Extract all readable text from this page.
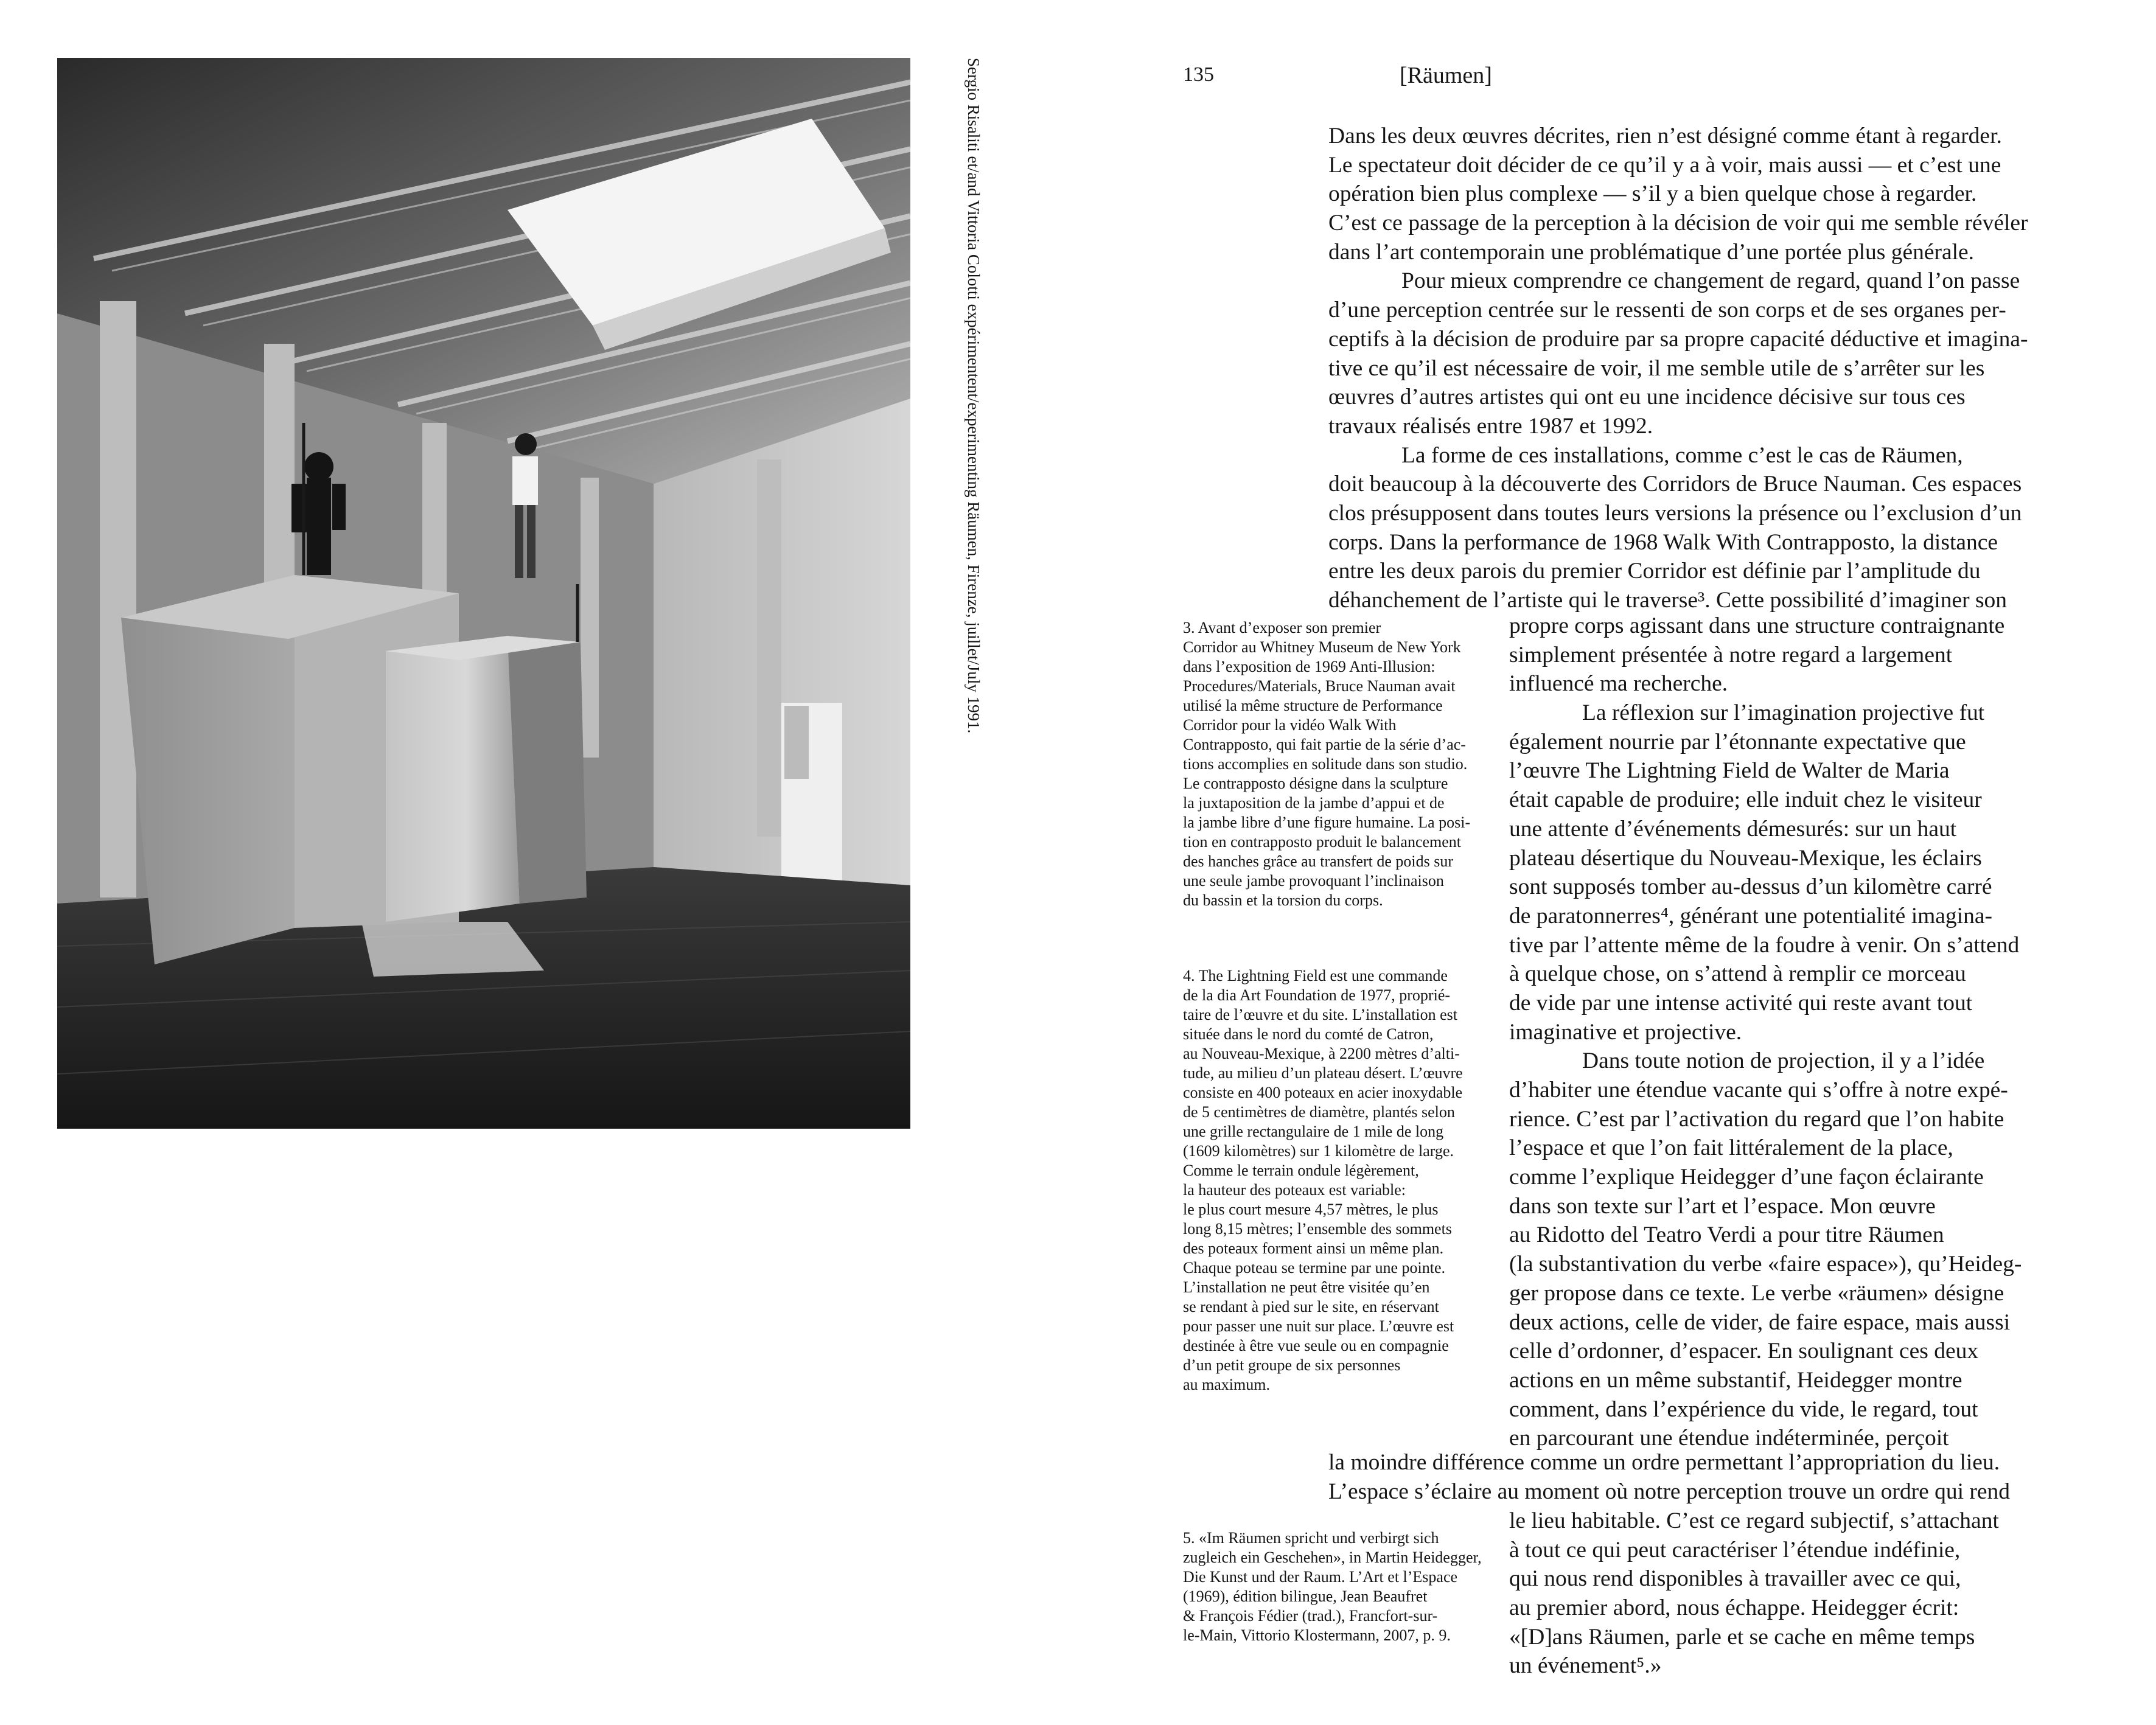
Sergio Risaliti et/and Vittoria Colotti expérimentent/experimenting Räumen, Firenze, juillet/July 1991.	135	[Räumen]
Dans les deux œuvres décrites, rien n’est désigné comme étant à regarder.
Le spectateur doit décider de ce qu’il y a à voir, mais aussi — et c’est une
opération bien plus complexe — s’il y a bien quelque chose à regarder.
C’est ce passage de la perception à la décision de voir qui me semble révéler
dans l’art contemporain une problématique d’une portée plus générale.
Pour mieux comprendre ce changement de regard, quand l’on passe
d’une perception centrée sur le ressenti de son corps et de ses organes per-
ceptifs à la décision de produire par sa propre capacité déductive et imagina-
tive ce qu’il est nécessaire de voir, il me semble utile de s’arrêter sur les
œuvres d’autres artistes qui ont eu une incidence décisive sur tous ces
travaux réalisés entre 1987 et 1992.
La forme de ces installations, comme c’est le cas de Räumen,
doit beaucoup à la découverte des Corridors de Bruce Nauman. Ces espaces
clos présupposent dans toutes leurs versions la présence ou l’exclusion d’un
corps. Dans la performance de 1968 Walk With Contrapposto, la distance
entre les deux parois du premier Corridor est définie par l’amplitude du
déhanchement de l’artiste qui le traverse³. Cette possibilité d’imaginer son
propre corps agissant dans une structure contraignante
simplement présentée à notre regard a largement
influencé ma recherche.
La réflexion sur l’imagination projective fut
également nourrie par l’étonnante expectative que
l’œuvre The Lightning Field de Walter de Maria
était capable de produire; elle induit chez le visiteur
une attente d’événements démesurés: sur un haut
plateau désertique du Nouveau-Mexique, les éclairs
sont supposés tomber au-dessus d’un kilomètre carré
de paratonnerres⁴, générant une potentialité imagina-
tive par l’attente même de la foudre à venir. On s’attend
à quelque chose, on s’attend à remplir ce morceau
de vide par une intense activité qui reste avant tout
imaginative et projective.
Dans toute notion de projection, il y a l’idée
d’habiter une étendue vacante qui s’offre à notre expé-
rience. C’est par l’activation du regard que l’on habite
l’espace et que l’on fait littéralement de la place,
comme l’explique Heidegger d’une façon éclairante
dans son texte sur l’art et l’espace. Mon œuvre
au Ridotto del Teatro Verdi a pour titre Räumen
(la substantivation du verbe «faire espace»), qu’Heideg-
ger propose dans ce texte. Le verbe «räumen» désigne
deux actions, celle de vider, de faire espace, mais aussi
celle d’ordonner, d’espacer. En soulignant ces deux
actions en un même substantif, Heidegger montre
comment, dans l’expérience du vide, le regard, tout
en parcourant une étendue indéterminée, perçoit
la moindre différence comme un ordre permettant l’appropriation du lieu.
L’espace s’éclaire au moment où notre perception trouve un ordre qui rend
le lieu habitable. C’est ce regard subjectif, s’attachant
à tout ce qui peut caractériser l’étendue indéfinie,
qui nous rend disponibles à travailler avec ce qui,
au premier abord, nous échappe. Heidegger écrit:
«[D]ans Räumen, parle et se cache en même temps
un événement⁵.»
3. Avant d’exposer son premier
Corridor au Whitney Museum de New York
dans l’exposition de 1969 Anti-Illusion:
Procedures/Materials, Bruce Nauman avait
utilisé la même structure de Performance
Corridor pour la vidéo Walk With
Contrapposto, qui fait partie de la série d’ac-
tions accomplies en solitude dans son studio.
Le contrapposto désigne dans la sculpture
la juxtaposition de la jambe d’appui et de
la jambe libre d’une figure humaine. La posi-
tion en contrapposto produit le balancement
des hanches grâce au transfert de poids sur
une seule jambe provoquant l’inclinaison
du bassin et la torsion du corps.
4. The Lightning Field est une commande
de la dia Art Foundation de 1977, proprié-
taire de l’œuvre et du site. L’installation est
située dans le nord du comté de Catron,
au Nouveau-Mexique, à 2200 mètres d’alti-
tude, au milieu d’un plateau désert. L’œuvre
consiste en 400 poteaux en acier inoxydable
de 5 centimètres de diamètre, plantés selon
une grille rectangulaire de 1 mile de long
(1609 kilomètres) sur 1 kilomètre de large.
Comme le terrain ondule légèrement,
la hauteur des poteaux est variable:
le plus court mesure 4,57 mètres, le plus
long 8,15 mètres; l’ensemble des sommets
des poteaux forment ainsi un même plan.
Chaque poteau se termine par une pointe.
L’installation ne peut être visitée qu’en
se rendant à pied sur le site, en réservant
pour passer une nuit sur place. L’œuvre est
destinée à être vue seule ou en compagnie
d’un petit groupe de six personnes
au maximum.
5. «Im Räumen spricht und verbirgt sich
zugleich ein Geschehen», in Martin Heidegger,
Die Kunst und der Raum. L’Art et l’Espace
(1969), édition bilingue, Jean Beaufret
& François Fédier (trad.), Francfort-sur-
le-Main, Vittorio Klostermann, 2007, p. 9.
